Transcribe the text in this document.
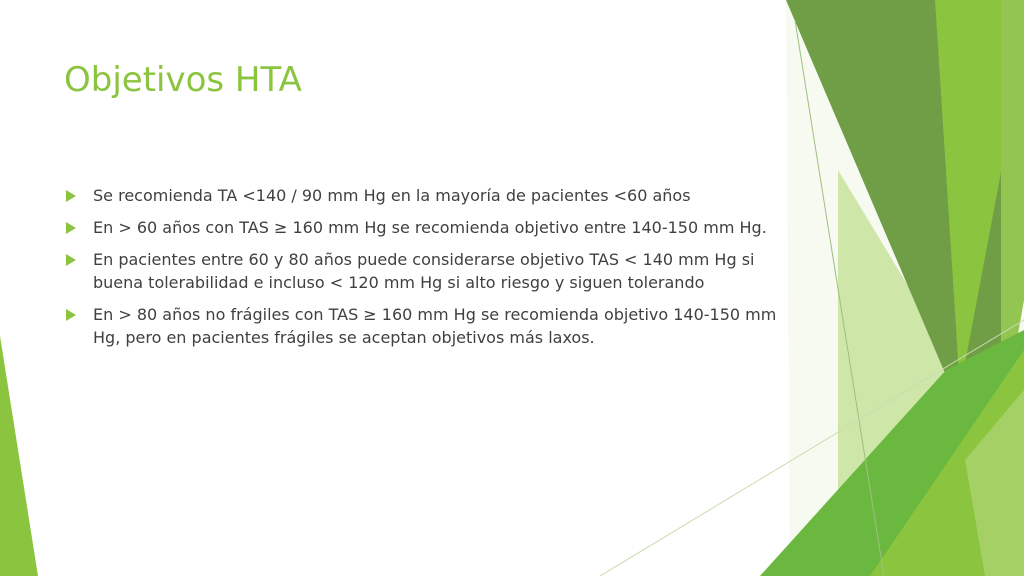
Objetivos HTA
Se recomienda TA <140 / 90 mm Hg en la mayoría de pacientes <60 años
En > 60 años con TAS ≥ 160 mm Hg se recomienda objetivo entre 140-150 mm Hg.
En pacientes entre 60 y 80 años puede considerarse objetivo TAS < 140 mm Hg si buena tolerabilidad e incluso < 120 mm Hg si alto riesgo y siguen tolerando
En > 80 años no frágiles con TAS ≥ 160 mm Hg se recomienda objetivo 140-150 mm Hg, pero en pacientes frágiles se aceptan objetivos más laxos.
